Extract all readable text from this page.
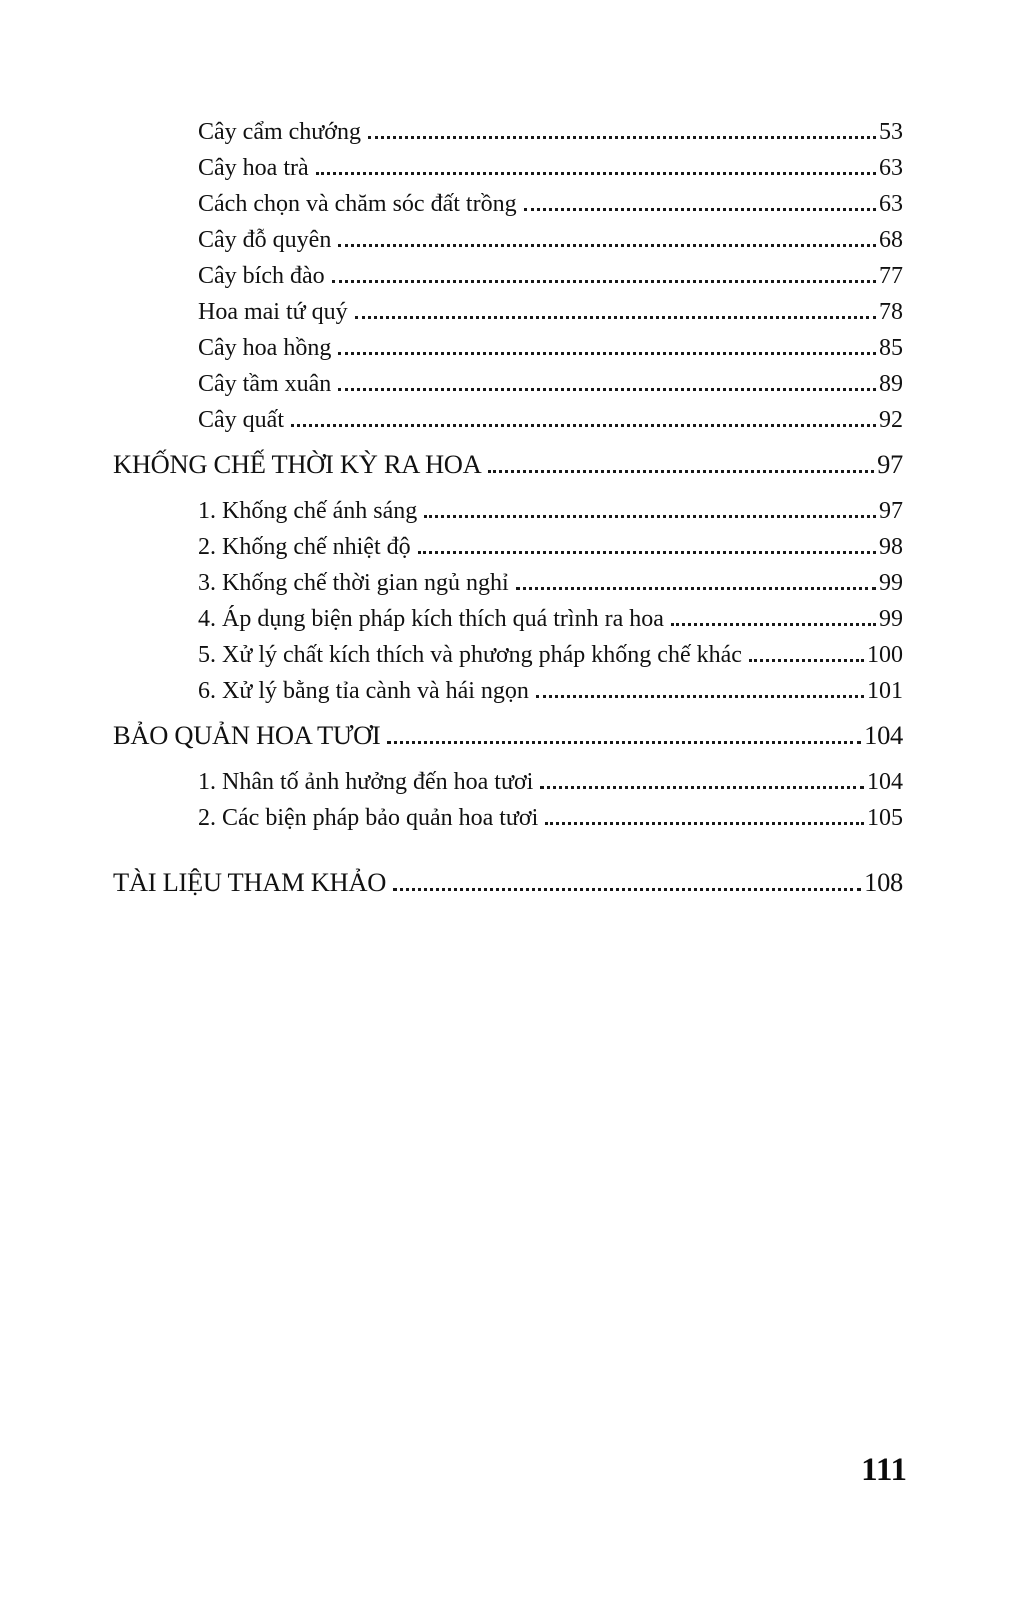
Cây cẩm chướng	53
Cây hoa trà	63
Cách chọn và chăm sóc đất trồng	63
Cây đỗ quyên	68
Cây bích đào	77
Hoa mai tứ quý	78
Cây hoa hồng	85
Cây tầm xuân	89
Cây quất	92
KHỐNG CHẾ THỜI KỲ RA HOA	97
1. Khống chế ánh sáng	97
2. Khống chế nhiệt độ	98
3. Khống chế thời gian ngủ nghỉ	99
4. Áp dụng biện pháp kích thích quá trình ra hoa	99
5. Xử lý chất kích thích và phương pháp khống chế khác	100
6. Xử lý bằng tỉa cành và hái ngọn	101
BẢO QUẢN HOA TƯƠI	104
1. Nhân tố ảnh hưởng đến hoa tươi	104
2. Các biện pháp bảo quản hoa tươi	105
TÀI LIỆU THAM KHẢO	108
111
